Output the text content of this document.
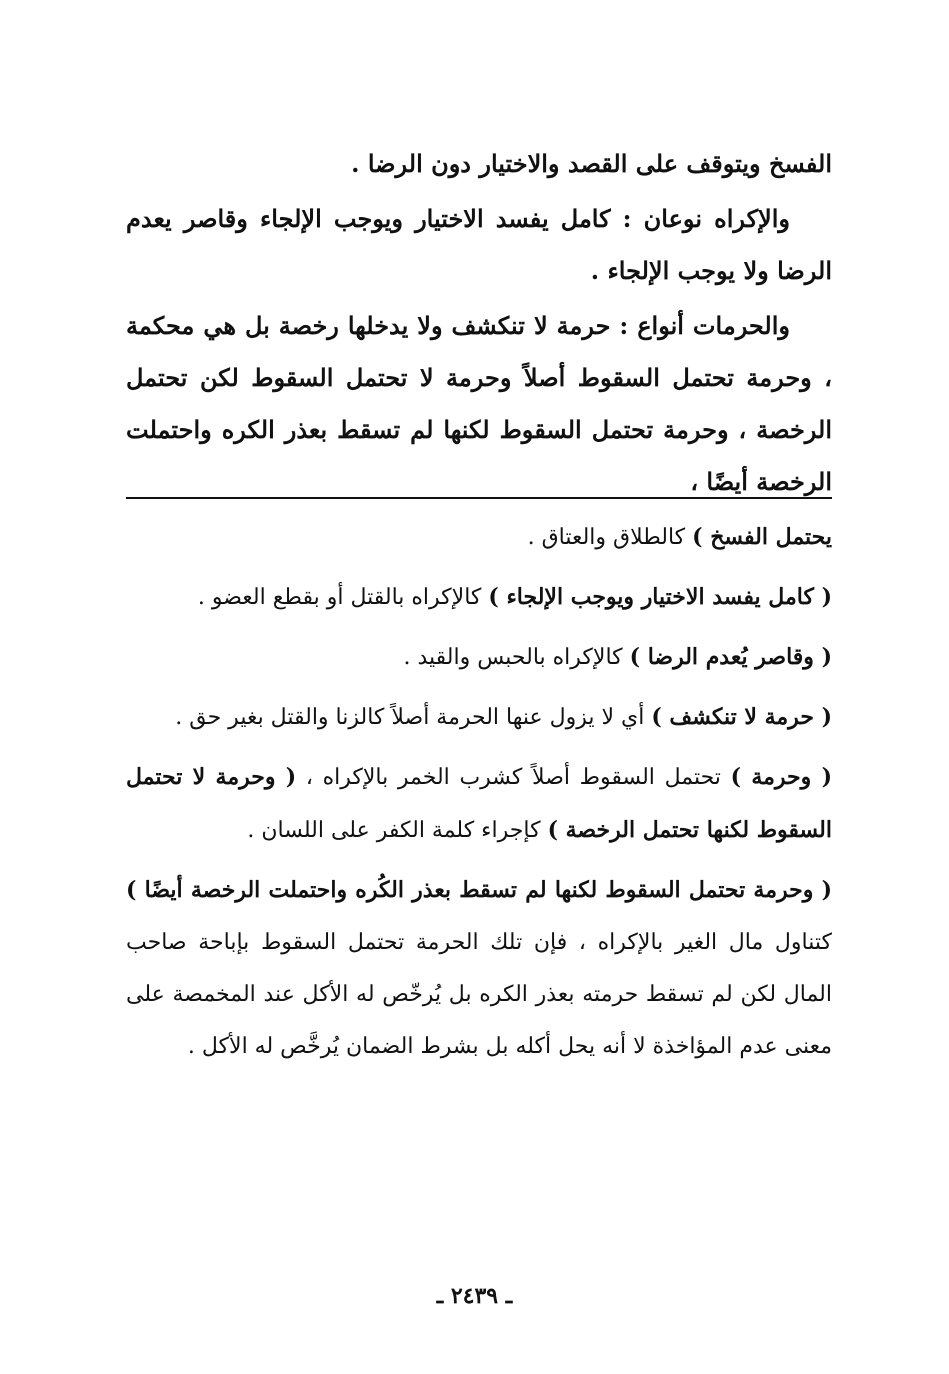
الفسخ ويتوقف على القصد والاختيار دون الرضا .

والإكراه نوعان : كامل يفسد الاختيار ويوجب الإلجاء وقاصر يعدم الرضا ولا يوجب الإلجاء .

والحرمات أنواع : حرمة لا تنكشف ولا يدخلها رخصة بل هي محكمة ، وحرمة تحتمل السقوط أصلاً وحرمة لا تحتمل السقوط لكن تحتمل الرخصة ، وحرمة تحتمل السقوط لكنها لم تسقط بعذر الكره واحتملت الرخصة أيضًا ،

يحتمل الفسخ ) كالطلاق والعتاق .

( كامل يفسد الاختيار ويوجب الإلجاء ) كالإكراه بالقتل أو بقطع العضو .

( وقاصر يُعدم الرضا ) كالإكراه بالحبس والقيد .

( حرمة لا تنكشف ) أي لا يزول عنها الحرمة أصلاً كالزنا والقتل بغير حق .

( وحرمة ) تحتمل السقوط أصلاً كشرب الخمر بالإكراه ، ( وحرمة لا تحتمل السقوط لكنها تحتمل الرخصة ) كإجراء كلمة الكفر على اللسان .

( وحرمة تحتمل السقوط لكنها لم تسقط بعذر الكُره واحتملت الرخصة أيضًا ) كتناول مال الغير بالإكراه ، فإن تلك الحرمة تحتمل السقوط بإباحة صاحب المال لكن لم تسقط حرمته بعذر الكره بل يُرخّص له الأكل عند المخمصة على معنى عدم المؤاخذة لا أنه يحل أكله بل بشرط الضمان يُرخَّص له الأكل .

ـ ٢٤٣٩ ـ
